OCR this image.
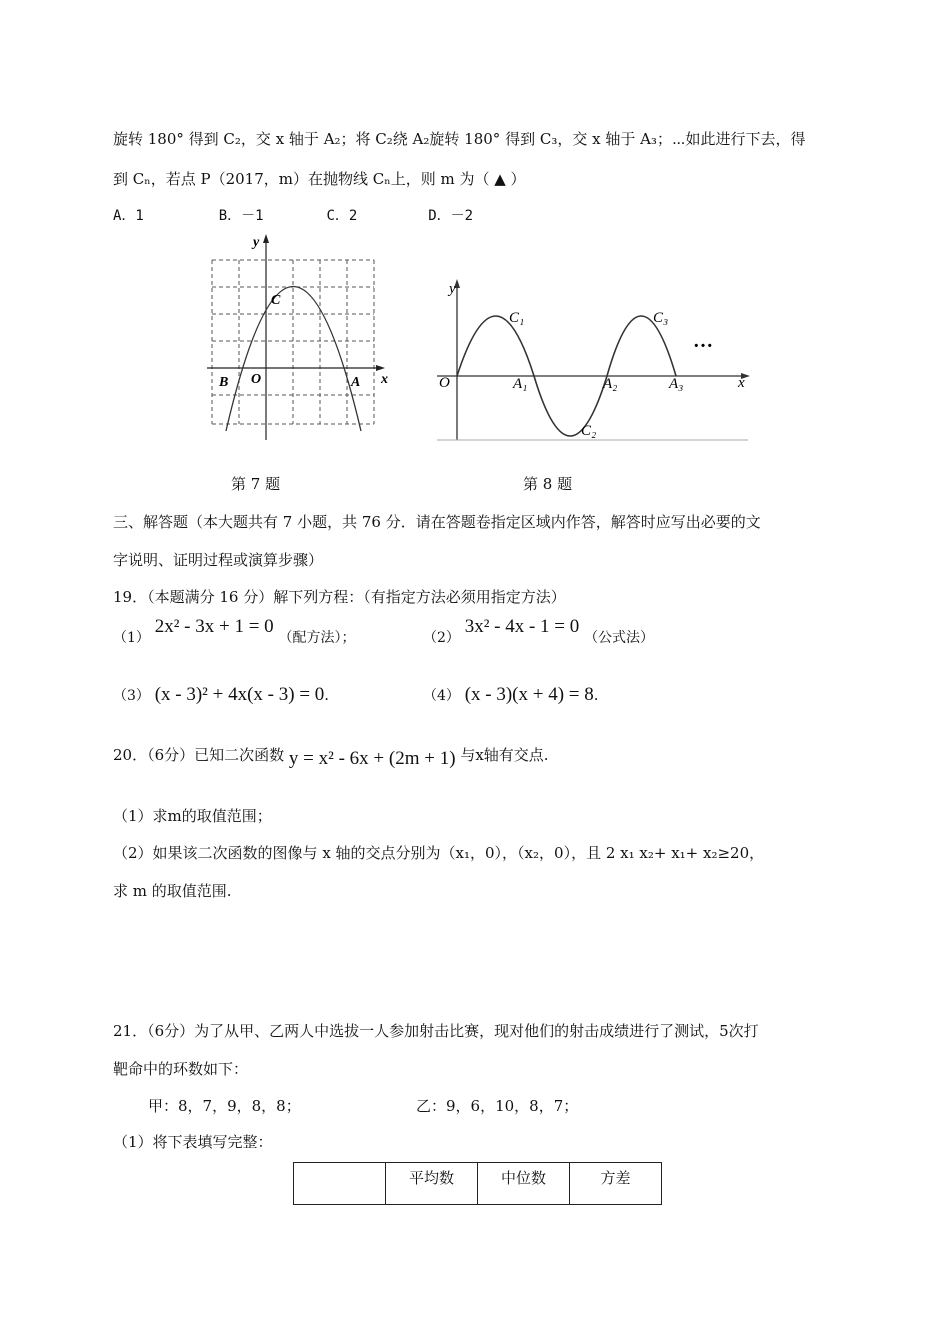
旋转 180° 得到 C₂，交 x 轴于 A₂；将 C₂绕 A₂旋转 180° 得到 C₃，交 x 轴于 A₃；⋯如此进行下去，得
到 Cₙ，若点 P（2017，m）在抛物线 Cₙ上，则 m 为（ ▲ ）
A．1	B．－1	C．2	D．－2
y
x
C
B O	A
y
x
O	A₁	A₂	A₃
C₁
C₂
C₃
…
第 7 题	第 8 题
三、解答题（本大题共有 7 小题，共 76 分．请在答题卷指定区域内作答，解答时应写出必要的文
字说明、证明过程或演算步骤）
19．（本题满分 16 分）解下列方程：（有指定方法必须用指定方法）
（1） 2x² - 3x + 1 = 0 （配方法）；	（2） 3x² - 4x - 1 = 0 （公式法）
（3） (x - 3)² + 4x(x - 3) = 0.	（4） (x - 3)(x + 4) = 8.
20．（6分）已知二次函数 y = x² - 6x + (2m + 1) 与x轴有交点.
（1）求m的取值范围；
（2）如果该二次函数的图像与 x 轴的交点分别为（x₁，0），（x₂，0），且 2 x₁ x₂+ x₁+ x₂≥20，
求 m 的取值范围.
21．（6分）为了从甲、乙两人中选拔一人参加射击比赛，现对他们的射击成绩进行了测试，5次打
靶命中的环数如下：
甲：8，7，9，8，8；	乙：9，6，10，8，7；
（1）将下表填写完整：
	平均数	中位数	方差
